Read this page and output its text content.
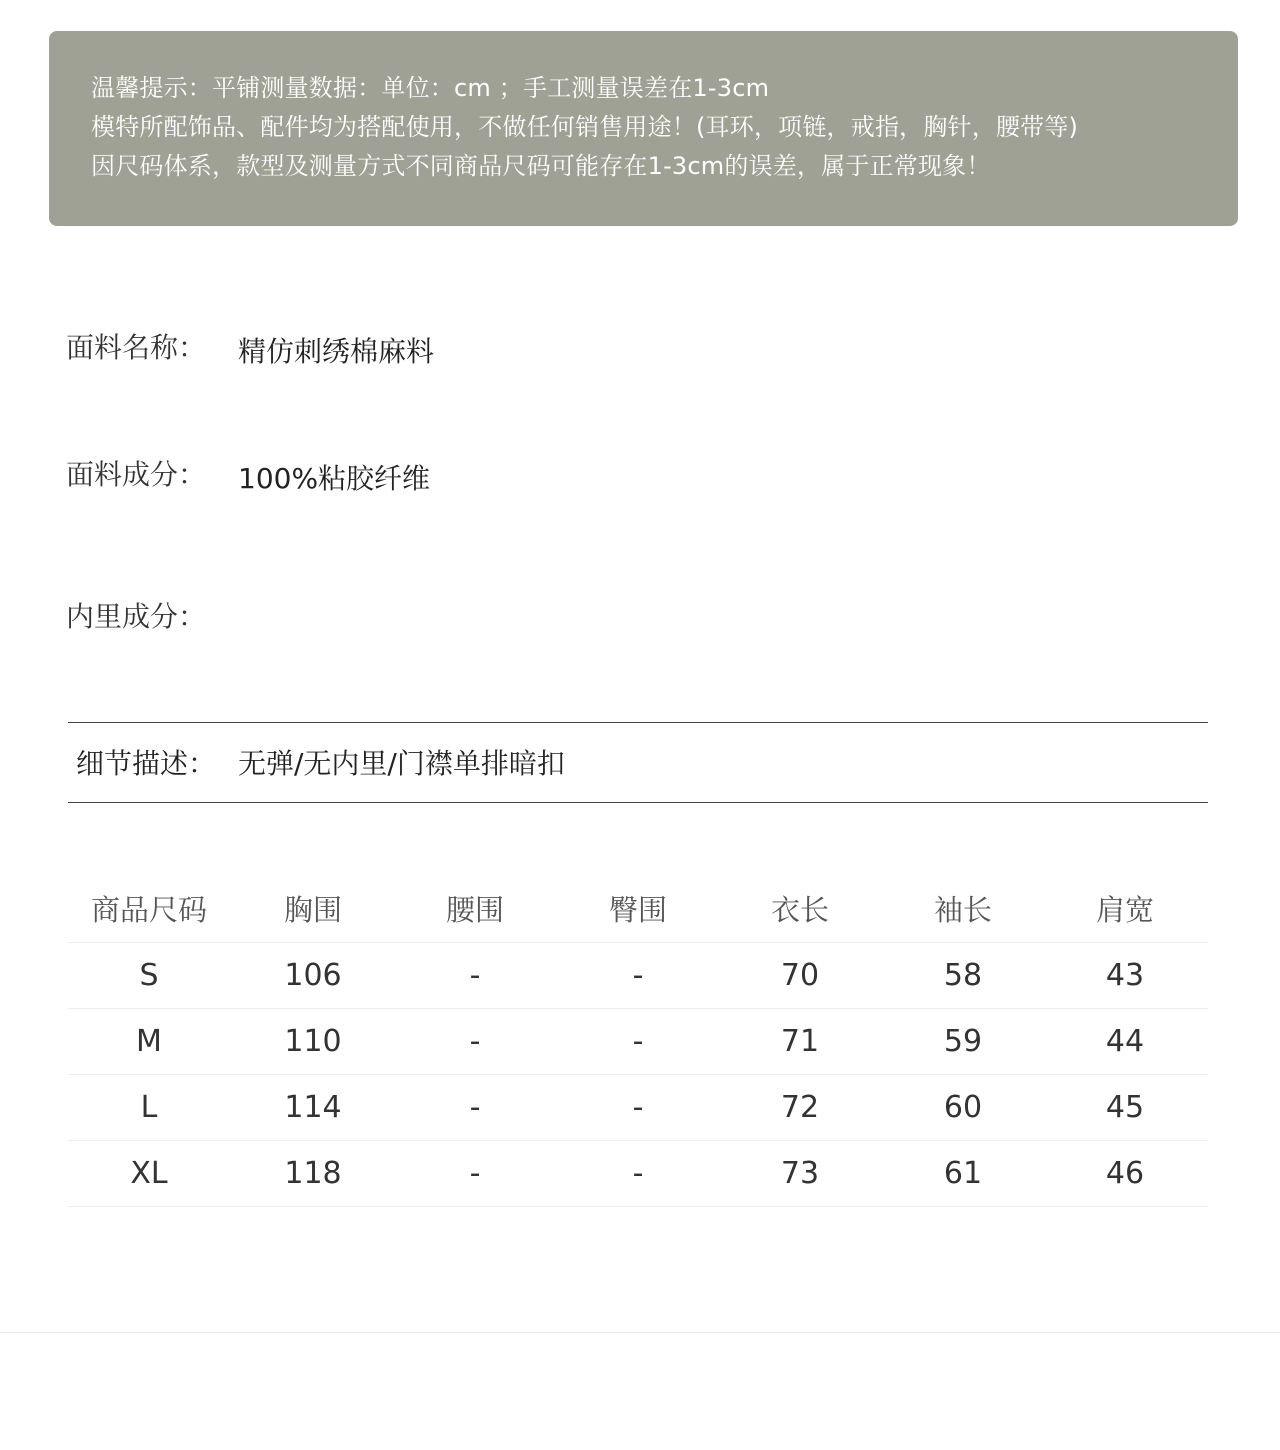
温馨提示：平铺测量数据：单位：cm ；手工测量误差在1-3cm
模特所配饰品、配件均为搭配使用，不做任何销售用途！(耳环，项链，戒指，胸针，腰带等)
因尺码体系，款型及测量方式不同商品尺码可能存在1-3cm的误差，属于正常现象！
面料名称： 精仿刺绣棉麻料
面料成分： 100%粘胶纤维
内里成分：
细节描述： 无弹/无内里/门襟单排暗扣
商品尺码	胸围	腰围	臀围	衣长	袖长	肩宽
S	106	-	-	70	58	43
M	110	-	-	71	59	44
L	114	-	-	72	60	45
XL	118	-	-	73	61	46
